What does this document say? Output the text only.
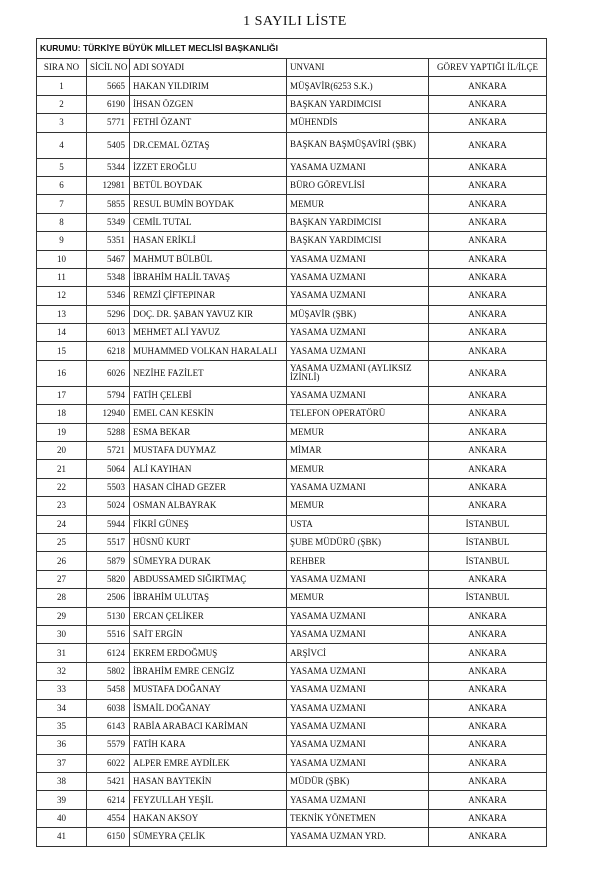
1 SAYILI LİSTE
KURUMU: TÜRKİYE BÜYÜK MİLLET MECLİSİ BAŞKANLIĞI				
SIRA NO	SİCİL NO	ADI SOYADI	UNVANI	GÖREV YAPTIĞI İL/İLÇE
1	5665	HAKAN YILDIRIM	MÜŞAVİR(6253 S.K.)	ANKARA
2	6190	İHSAN ÖZGEN	BAŞKAN YARDIMCISI	ANKARA
3	5771	FETHİ ÖZANT	MÜHENDİS	ANKARA
4	5405	DR.CEMAL ÖZTAŞ	BAŞKAN BAŞMÜŞAVİRİ (ŞBK)	ANKARA
5	5344	İZZET EROĞLU	YASAMA UZMANI	ANKARA
6	12981	BETÜL BOYDAK	BÜRO GÖREVLİSİ	ANKARA
7	5855	RESUL BUMİN BOYDAK	MEMUR	ANKARA
8	5349	CEMİL TUTAL	BAŞKAN YARDIMCISI	ANKARA
9	5351	HASAN ERİKLİ	BAŞKAN YARDIMCISI	ANKARA
10	5467	MAHMUT BÜLBÜL	YASAMA UZMANI	ANKARA
11	5348	İBRAHİM HALİL TAVAŞ	YASAMA UZMANI	ANKARA
12	5346	REMZİ ÇİFTEPINAR	YASAMA UZMANI	ANKARA
13	5296	DOÇ. DR. ŞABAN YAVUZ KIR	MÜŞAVİR (ŞBK)	ANKARA
14	6013	MEHMET ALİ YAVUZ	YASAMA UZMANI	ANKARA
15	6218	MUHAMMED VOLKAN HARALALI	YASAMA UZMANI	ANKARA
16	6026	NEZİHE FAZİLET	YASAMA UZMANI (AYLIKSIZ İZİNLİ)	ANKARA
17	5794	FATİH ÇELEBİ	YASAMA UZMANI	ANKARA
18	12940	EMEL CAN KESKİN	TELEFON OPERATÖRÜ	ANKARA
19	5288	ESMA BEKAR	MEMUR	ANKARA
20	5721	MUSTAFA DUYMAZ	MİMAR	ANKARA
21	5064	ALİ KAYIHAN	MEMUR	ANKARA
22	5503	HASAN CİHAD GEZER	YASAMA UZMANI	ANKARA
23	5024	OSMAN ALBAYRAK	MEMUR	ANKARA
24	5944	FİKRİ GÜNEŞ	USTA	İSTANBUL
25	5517	HÜSNÜ KURT	ŞUBE MÜDÜRÜ (ŞBK)	İSTANBUL
26	5879	SÜMEYRA DURAK	REHBER	İSTANBUL
27	5820	ABDUSSAMED SIĞIRTMAÇ	YASAMA UZMANI	ANKARA
28	2506	İBRAHİM ULUTAŞ	MEMUR	İSTANBUL
29	5130	ERCAN ÇELİKER	YASAMA UZMANI	ANKARA
30	5516	SAİT ERGİN	YASAMA UZMANI	ANKARA
31	6124	EKREM ERDOĞMUŞ	ARŞİVCİ	ANKARA
32	5802	İBRAHİM EMRE CENGİZ	YASAMA UZMANI	ANKARA
33	5458	MUSTAFA DOĞANAY	YASAMA UZMANI	ANKARA
34	6038	İSMAİL DOĞANAY	YASAMA UZMANI	ANKARA
35	6143	RABİA ARABACI KARİMAN	YASAMA UZMANI	ANKARA
36	5579	FATİH KARA	YASAMA UZMANI	ANKARA
37	6022	ALPER EMRE AYDİLEK	YASAMA UZMANI	ANKARA
38	5421	HASAN BAYTEKİN	MÜDÜR (ŞBK)	ANKARA
39	6214	FEYZULLAH YEŞİL	YASAMA UZMANI	ANKARA
40	4554	HAKAN AKSOY	TEKNİK YÖNETMEN	ANKARA
41	6150	SÜMEYRA ÇELİK	YASAMA UZMAN YRD.	ANKARA
